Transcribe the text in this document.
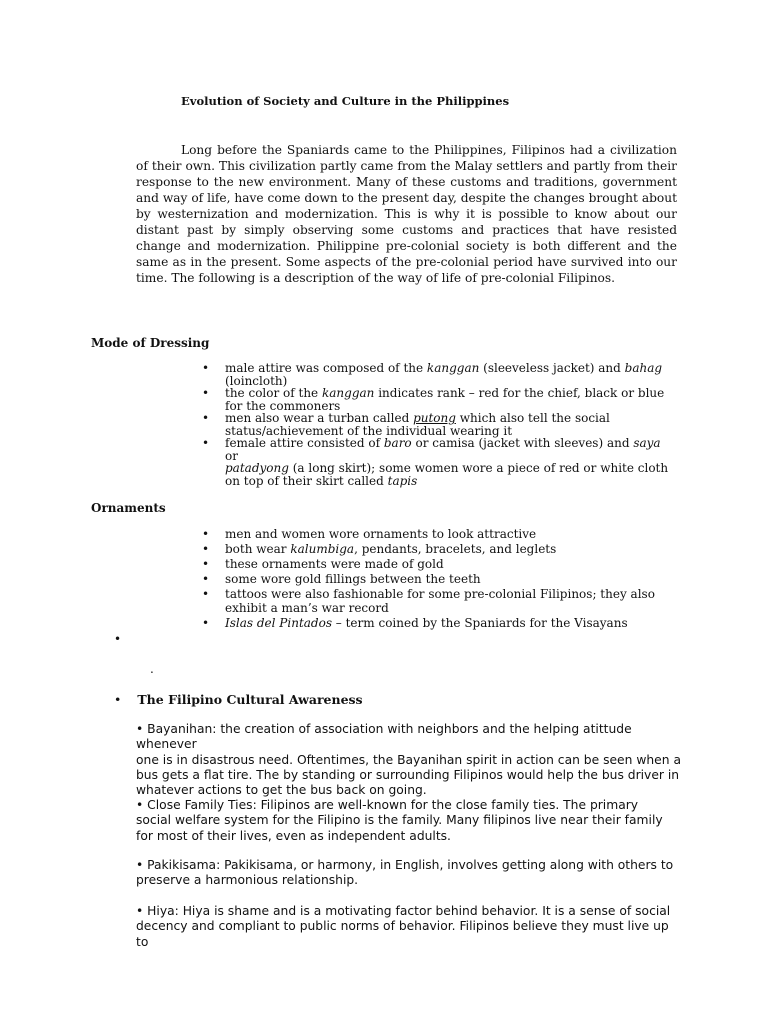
Evolution of Society and Culture in the Philippines

Long before the Spaniards came to the Philippines, Filipinos had a civilization of their own. This civilization partly came from the Malay settlers and partly from their response to the new environment. Many of these customs and traditions, government and way of life, have come down to the present day, despite the changes brought about by westernization and modernization. This is why it is possible to know about our distant past by simply observing some customs and practices that have resisted change and modernization. Philippine pre-colonial society is both different and the same as in the present. Some aspects of the pre-colonial period have survived into our time. The following is a description of the way of life of pre-colonial Filipinos.

Mode of Dressing
• male attire was composed of the kanggan (sleeveless jacket) and bahag
(loincloth)
• the color of the kanggan indicates rank – red for the chief, black or blue
for the commoners
• men also wear a turban called putong which also tell the social
status/achievement of the individual wearing it
• female attire consisted of baro or camisa (jacket with sleeves) and saya or
patadyong (a long skirt); some women wore a piece of red or white cloth
on top of their skirt called tapis
Ornaments
• men and women wore ornaments to look attractive
• both wear kalumbiga, pendants, bracelets, and leglets
• these ornaments were made of gold
• some wore gold fillings between the teeth
• tattoos were also fashionable for some pre-colonial Filipinos; they also
exhibit a man’s war record
• Islas del Pintados – term coined by the Spaniards for the Visayans
•
.
• The Filipino Cultural Awareness

• Bayanihan: the creation of association with neighbors and the helping atittude whenever
one is in disastrous need. Oftentimes, the Bayanihan spirit in action can be seen when a
bus gets a flat tire. The by standing or surrounding Filipinos would help the bus driver in
whatever actions to get the bus back on going.

• Close Family Ties: Filipinos are well-known for the close family ties. The primary
social welfare system for the Filipino is the family. Many filipinos live near their family
for most of their lives, even as independent adults.

• Pakikisama: Pakikisama, or harmony, in English, involves getting along with others to
preserve a harmonious relationship.

• Hiya: Hiya is shame and is a motivating factor behind behavior. It is a sense of social
decency and compliant to public norms of behavior. Filipinos believe they must live up to
